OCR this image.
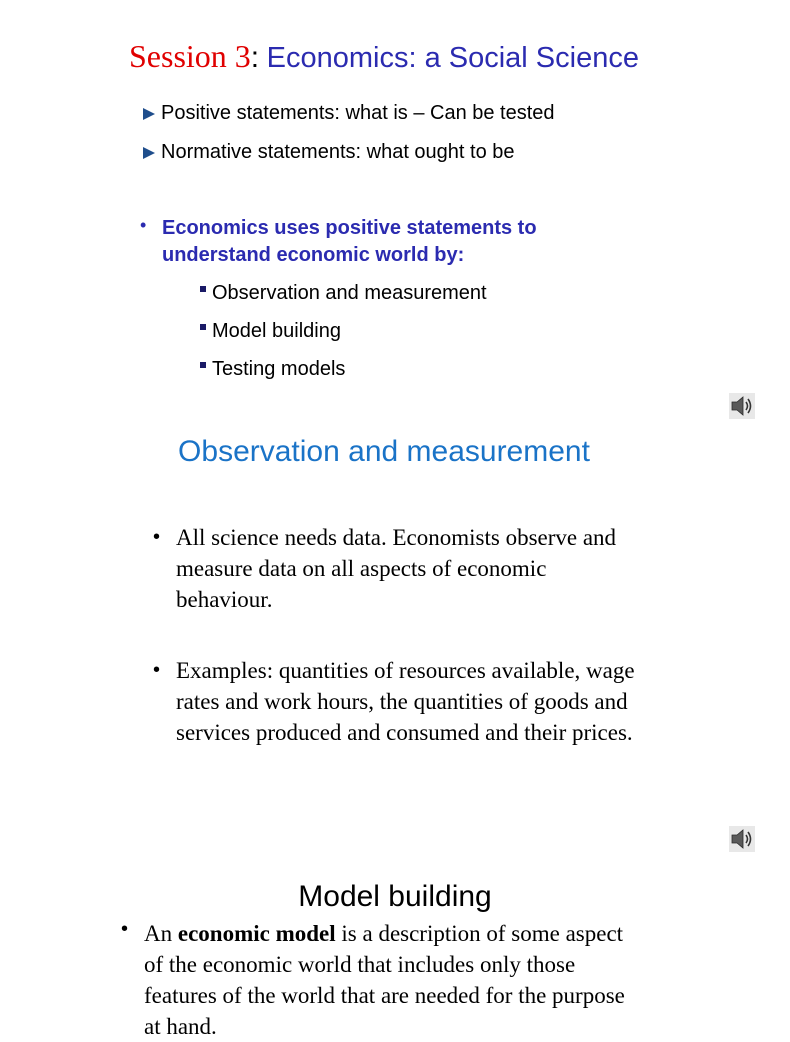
Session 3: Economics: a Social Science
Positive statements: what is – Can be tested
Normative statements: what ought to be
• Economics uses positive statements to understand economic world by:
Observation and measurement
Model building
Testing models
Observation and measurement
• All science needs data. Economists observe and measure data on all aspects of economic behaviour.
• Examples: quantities of resources available, wage rates and work hours, the quantities of goods and services produced and consumed and their prices.
Model building
• An economic model is a description of some aspect of the economic world that includes only those features of the world that are needed for the purpose at hand.
